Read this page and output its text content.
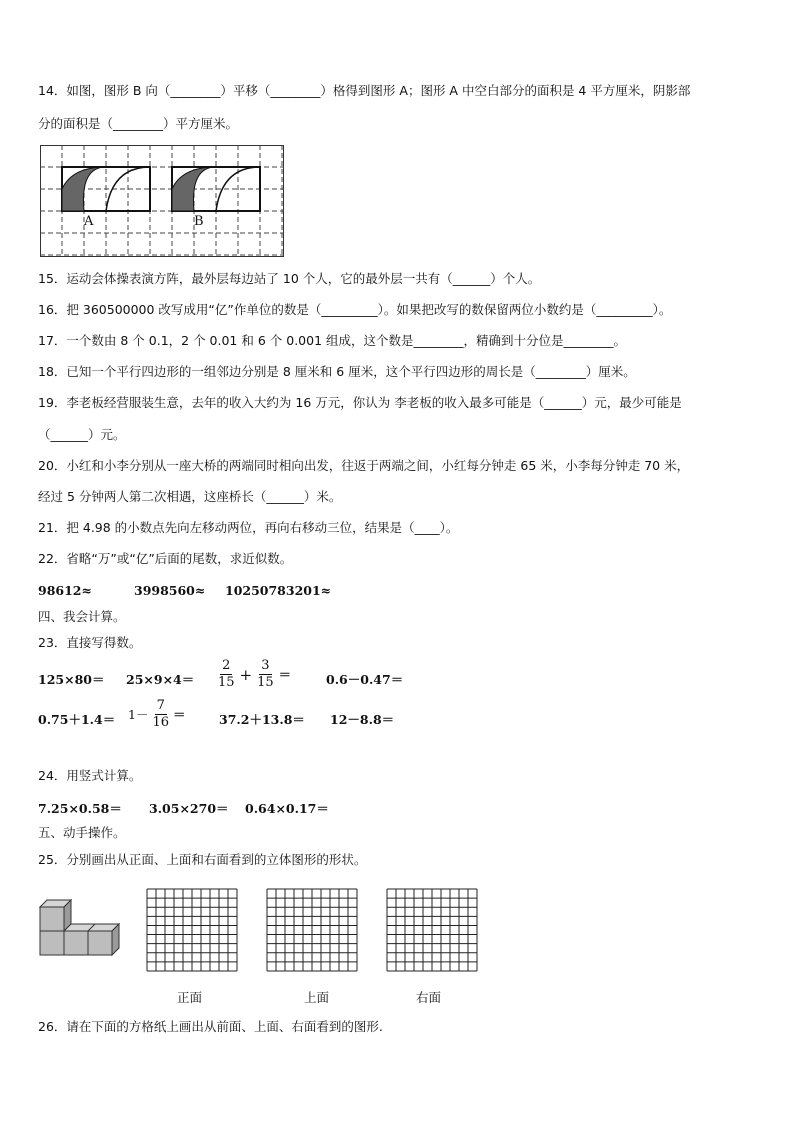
14．如图，图形 B 向（________）平移（________）格得到图形 A；图形 A 中空白部分的面积是 4 平方厘米，阴影部
分的面积是（________）平方厘米。
A	B
15．运动会体操表演方阵，最外层每边站了 10 个人，它的最外层一共有（______）个人。
16．把 360500000 改写成用“亿”作单位的数是（_________）。如果把改写的数保留两位小数约是（_________）。
17．一个数由 8 个 0.1，2 个 0.01 和 6 个 0.001 组成，这个数是________，精确到十分位是________。
18．已知一个平行四边形的一组邻边分别是 8 厘米和 6 厘米，这个平行四边形的周长是（________）厘米。
19．李老板经营服装生意，去年的收入大约为 16 万元，你认为 李老板的收入最多可能是（______）元，最少可能是
（______）元。
20．小红和小李分别从一座大桥的两端同时相向出发，往返于两端之间，小红每分钟走 65 米，小李每分钟走 70 米，
经过 5 分钟两人第二次相遇，这座桥长（______）米。
21．把 4.98 的小数点先向左移动两位，再向右移动三位，结果是（____）。
22．省略“万”或“亿”后面的尾数，求近似数。
98612≈	3998560≈ 10250783201≈
四、我会计算。
23．直接写得数。
$125\times 80= 25\times 9\times 4= \frac{2}{15} + \frac{3}{15}$ ＝	0.6－0.47＝
$0.75+1.4= 1- \frac{7}{16}$ ＝	37.2＋13.8＝ 12－8.8＝
24．用竖式计算。
7.25×0.58＝ 3.05×270＝ 0.64×0.17＝
五、动手操作。
25．分别画出从正面、上面和右面看到的立体图形的形状。
正面	上面	右面
26．请在下面的方格纸上画出从前面、上面、右面看到的图形.
